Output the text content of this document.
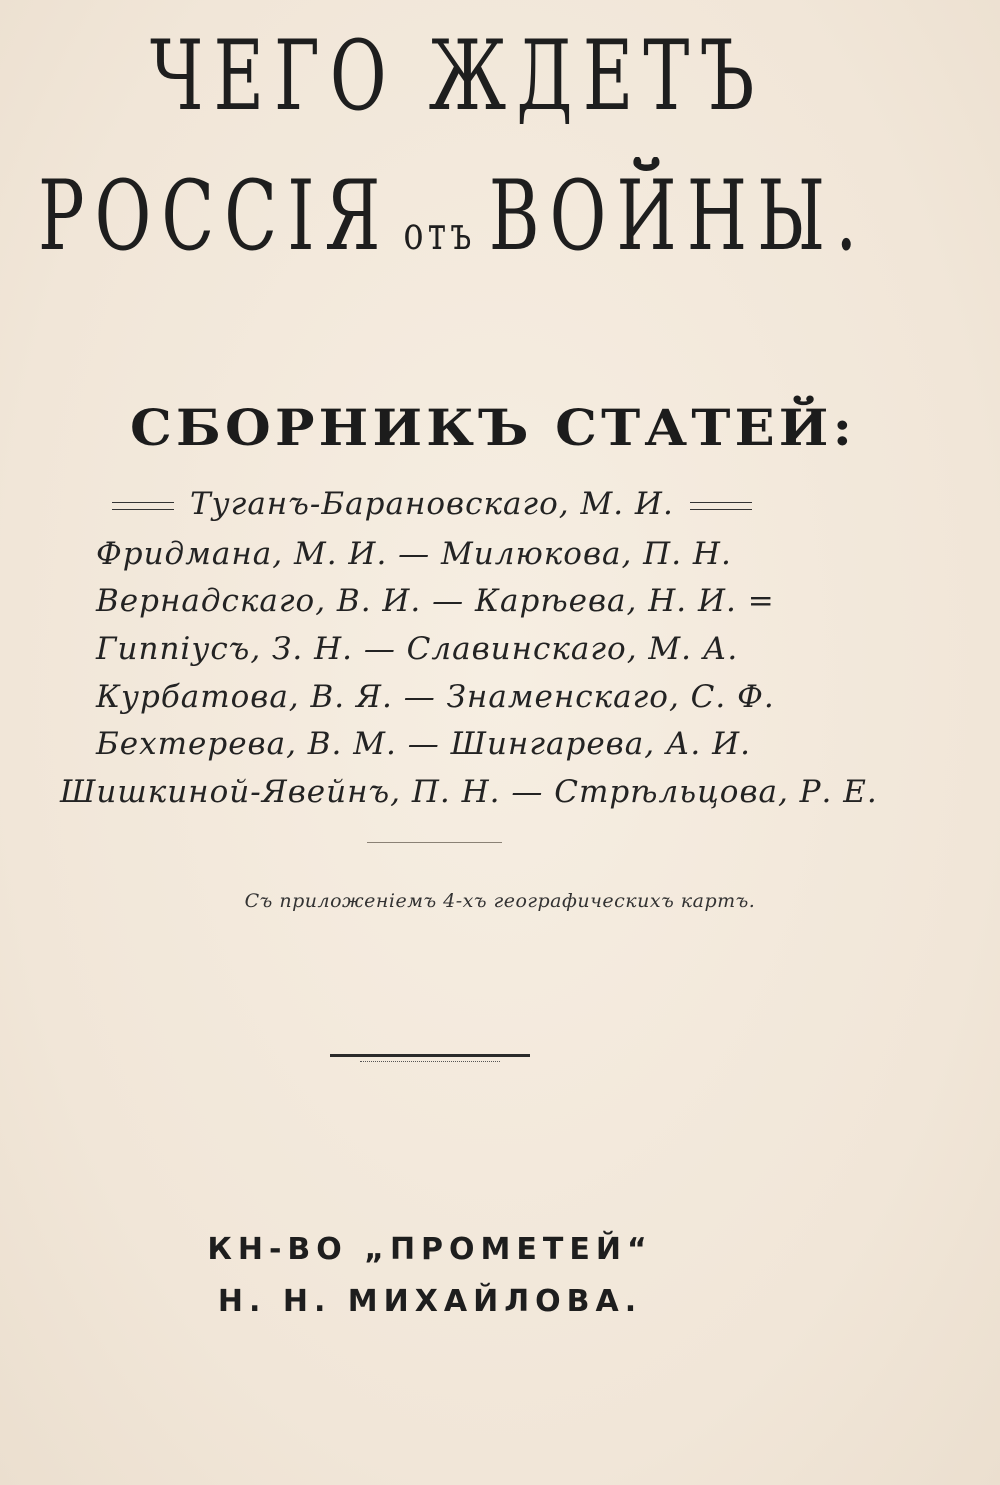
ЧЕГО ЖДЕТЪ
РОССІЯ отъ ВОЙНЫ.
СБОРНИКЪ СТАТЕЙ:
Туганъ-Барановскаго, М. И.
Фридмана, М. И. — Милюкова, П. Н.
Вернадскаго, В. И. — Карѣева, Н. И. =
Гиппіусъ, З. Н. — Славинскаго, М. А.
Курбатова, В. Я. — Знаменскаго, С. Ф.
Бехтерева, В. М. — Шингарева, А. И.
Шишкиной-Явейнъ, П. Н. — Стрѣльцова, Р. Е.
Съ приложеніемъ 4-хъ географическихъ картъ.
КН-ВО „ПРОМЕТЕЙ“
Н. Н. МИХАЙЛОВА.
